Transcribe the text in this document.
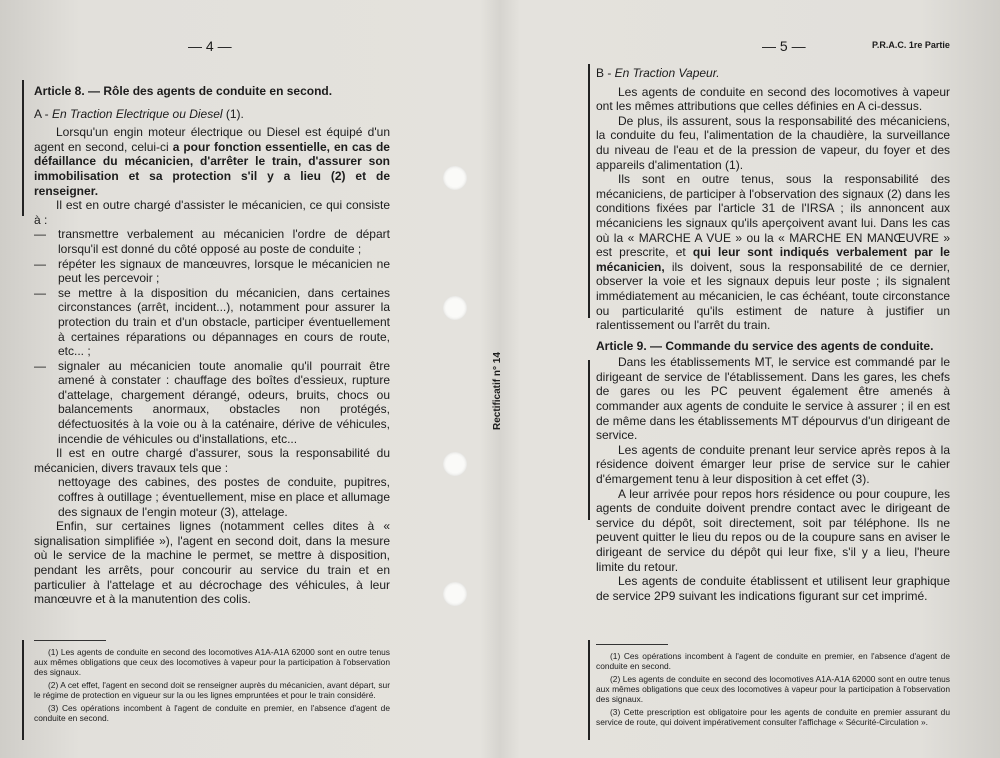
— 4 —
Article 8. — Rôle des agents de conduite en second.
A - En Traction Electrique ou Diesel (1).

Lorsqu'un engin moteur électrique ou Diesel est équipé d'un agent en second, celui-ci a pour fonction essentielle, en cas de défaillance du mécanicien, d'arrêter le train, d'assurer son immobilisation et sa protection s'il y a lieu (2) et de renseigner.

Il est en outre chargé d'assister le mécanicien, ce qui consiste à :

— transmettre verbalement au mécanicien l'ordre de départ lorsqu'il est donné du côté opposé au poste de conduite ;
— répéter les signaux de manœuvres, lorsque le mécanicien ne peut les percevoir ;
— se mettre à la disposition du mécanicien, dans certaines circonstances (arrêt, incident...), notamment pour assurer la protection du train et d'un obstacle, participer éventuellement à certaines réparations ou dépannages en cours de route, etc... ;
— signaler au mécanicien toute anomalie qu'il pourrait être amené à constater : chauffage des boîtes d'essieux, rupture d'attelage, chargement dérangé, odeurs, bruits, chocs ou balancements anormaux, obstacles non protégés, défectuosités à la voie ou à la caténaire, dérive de véhicules, incendie de véhicules ou d'installations, etc...

Il est en outre chargé d'assurer, sous la responsabilité du mécanicien, divers travaux tels que :

nettoyage des cabines, des postes de conduite, pupitres, coffres à outillage ; éventuellement, mise en place et allumage des signaux de l'engin moteur (3), attelage.

Enfin, sur certaines lignes (notamment celles dites à « signalisation simplifiée »), l'agent en second doit, dans la mesure où le service de la machine le permet, se mettre à disposition, pendant les arrêts, pour concourir au service du train et en particulier à l'attelage et au décrochage des véhicules, à leur manœuvre et à la manutention des colis.

(1) Les agents de conduite en second des locomotives A1A-A1A 62000 sont en outre tenus aux mêmes obligations que ceux des locomotives à vapeur pour la participation à l'observation des signaux.

(2) A cet effet, l'agent en second doit se renseigner auprès du mécanicien, avant départ, sur le régime de protection en vigueur sur la ou les lignes empruntées et pour le train considéré.

(3) Ces opérations incombent à l'agent de conduite en premier, en l'absence d'agent de conduite en second.

Rectificatif n° 14
— 5 —	P.R.A.C. 1re Partie
B - En Traction Vapeur.

Les agents de conduite en second des locomotives à vapeur ont les mêmes attributions que celles définies en A ci-dessus.

De plus, ils assurent, sous la responsabilité des mécaniciens, la conduite du feu, l'alimentation de la chaudière, la surveillance du niveau de l'eau et de la pression de vapeur, du foyer et des appareils d'alimentation (1).

Ils sont en outre tenus, sous la responsabilité des mécaniciens, de participer à l'observation des signaux (2) dans les conditions fixées par l'article 31 de l'IRSA ; ils annoncent aux mécaniciens les signaux qu'ils aperçoivent avant lui. Dans les cas où la « MARCHE A VUE » ou la « MARCHE EN MANŒUVRE » est prescrite, et qui leur sont indiqués verbalement par le mécanicien, ils doivent, sous la responsabilité de ce dernier, observer la voie et les signaux depuis leur poste ; ils signalent immédiatement au mécanicien, le cas échéant, toute circonstance ou particularité qu'ils estiment de nature à justifier un ralentissement ou l'arrêt du train.

Article 9. — Commande du service des agents de conduite.

Dans les établissements MT, le service est commandé par le dirigeant de service de l'établissement. Dans les gares, les chefs de gares ou les PC peuvent également être amenés à commander aux agents de conduite le service à assurer ; il en est de même dans les établissements MT dépourvus d'un dirigeant de service.

Les agents de conduite prenant leur service après repos à la résidence doivent émarger leur prise de service sur le cahier d'émargement tenu à leur disposition à cet effet (3).

A leur arrivée pour repos hors résidence ou pour coupure, les agents de conduite doivent prendre contact avec le dirigeant de service du dépôt, soit directement, soit par téléphone. Ils ne peuvent quitter le lieu du repos ou de la coupure sans en aviser le dirigeant de service du dépôt qui leur fixe, s'il y a lieu, l'heure limite du retour.

Les agents de conduite établissent et utilisent leur graphique de service 2P9 suivant les indications figurant sur cet imprimé.

(1) Ces opérations incombent à l'agent de conduite en premier, en l'absence d'agent de conduite en second.

(2) Les agents de conduite en second des locomotives A1A-A1A 62000 sont en outre tenus aux mêmes obligations que ceux des locomotives à vapeur pour la participation à l'observation des signaux.

(3) Cette prescription est obligatoire pour les agents de conduite en premier assurant du service de route, qui doivent impérativement consulter l'affichage « Sécurité-Circulation ».
